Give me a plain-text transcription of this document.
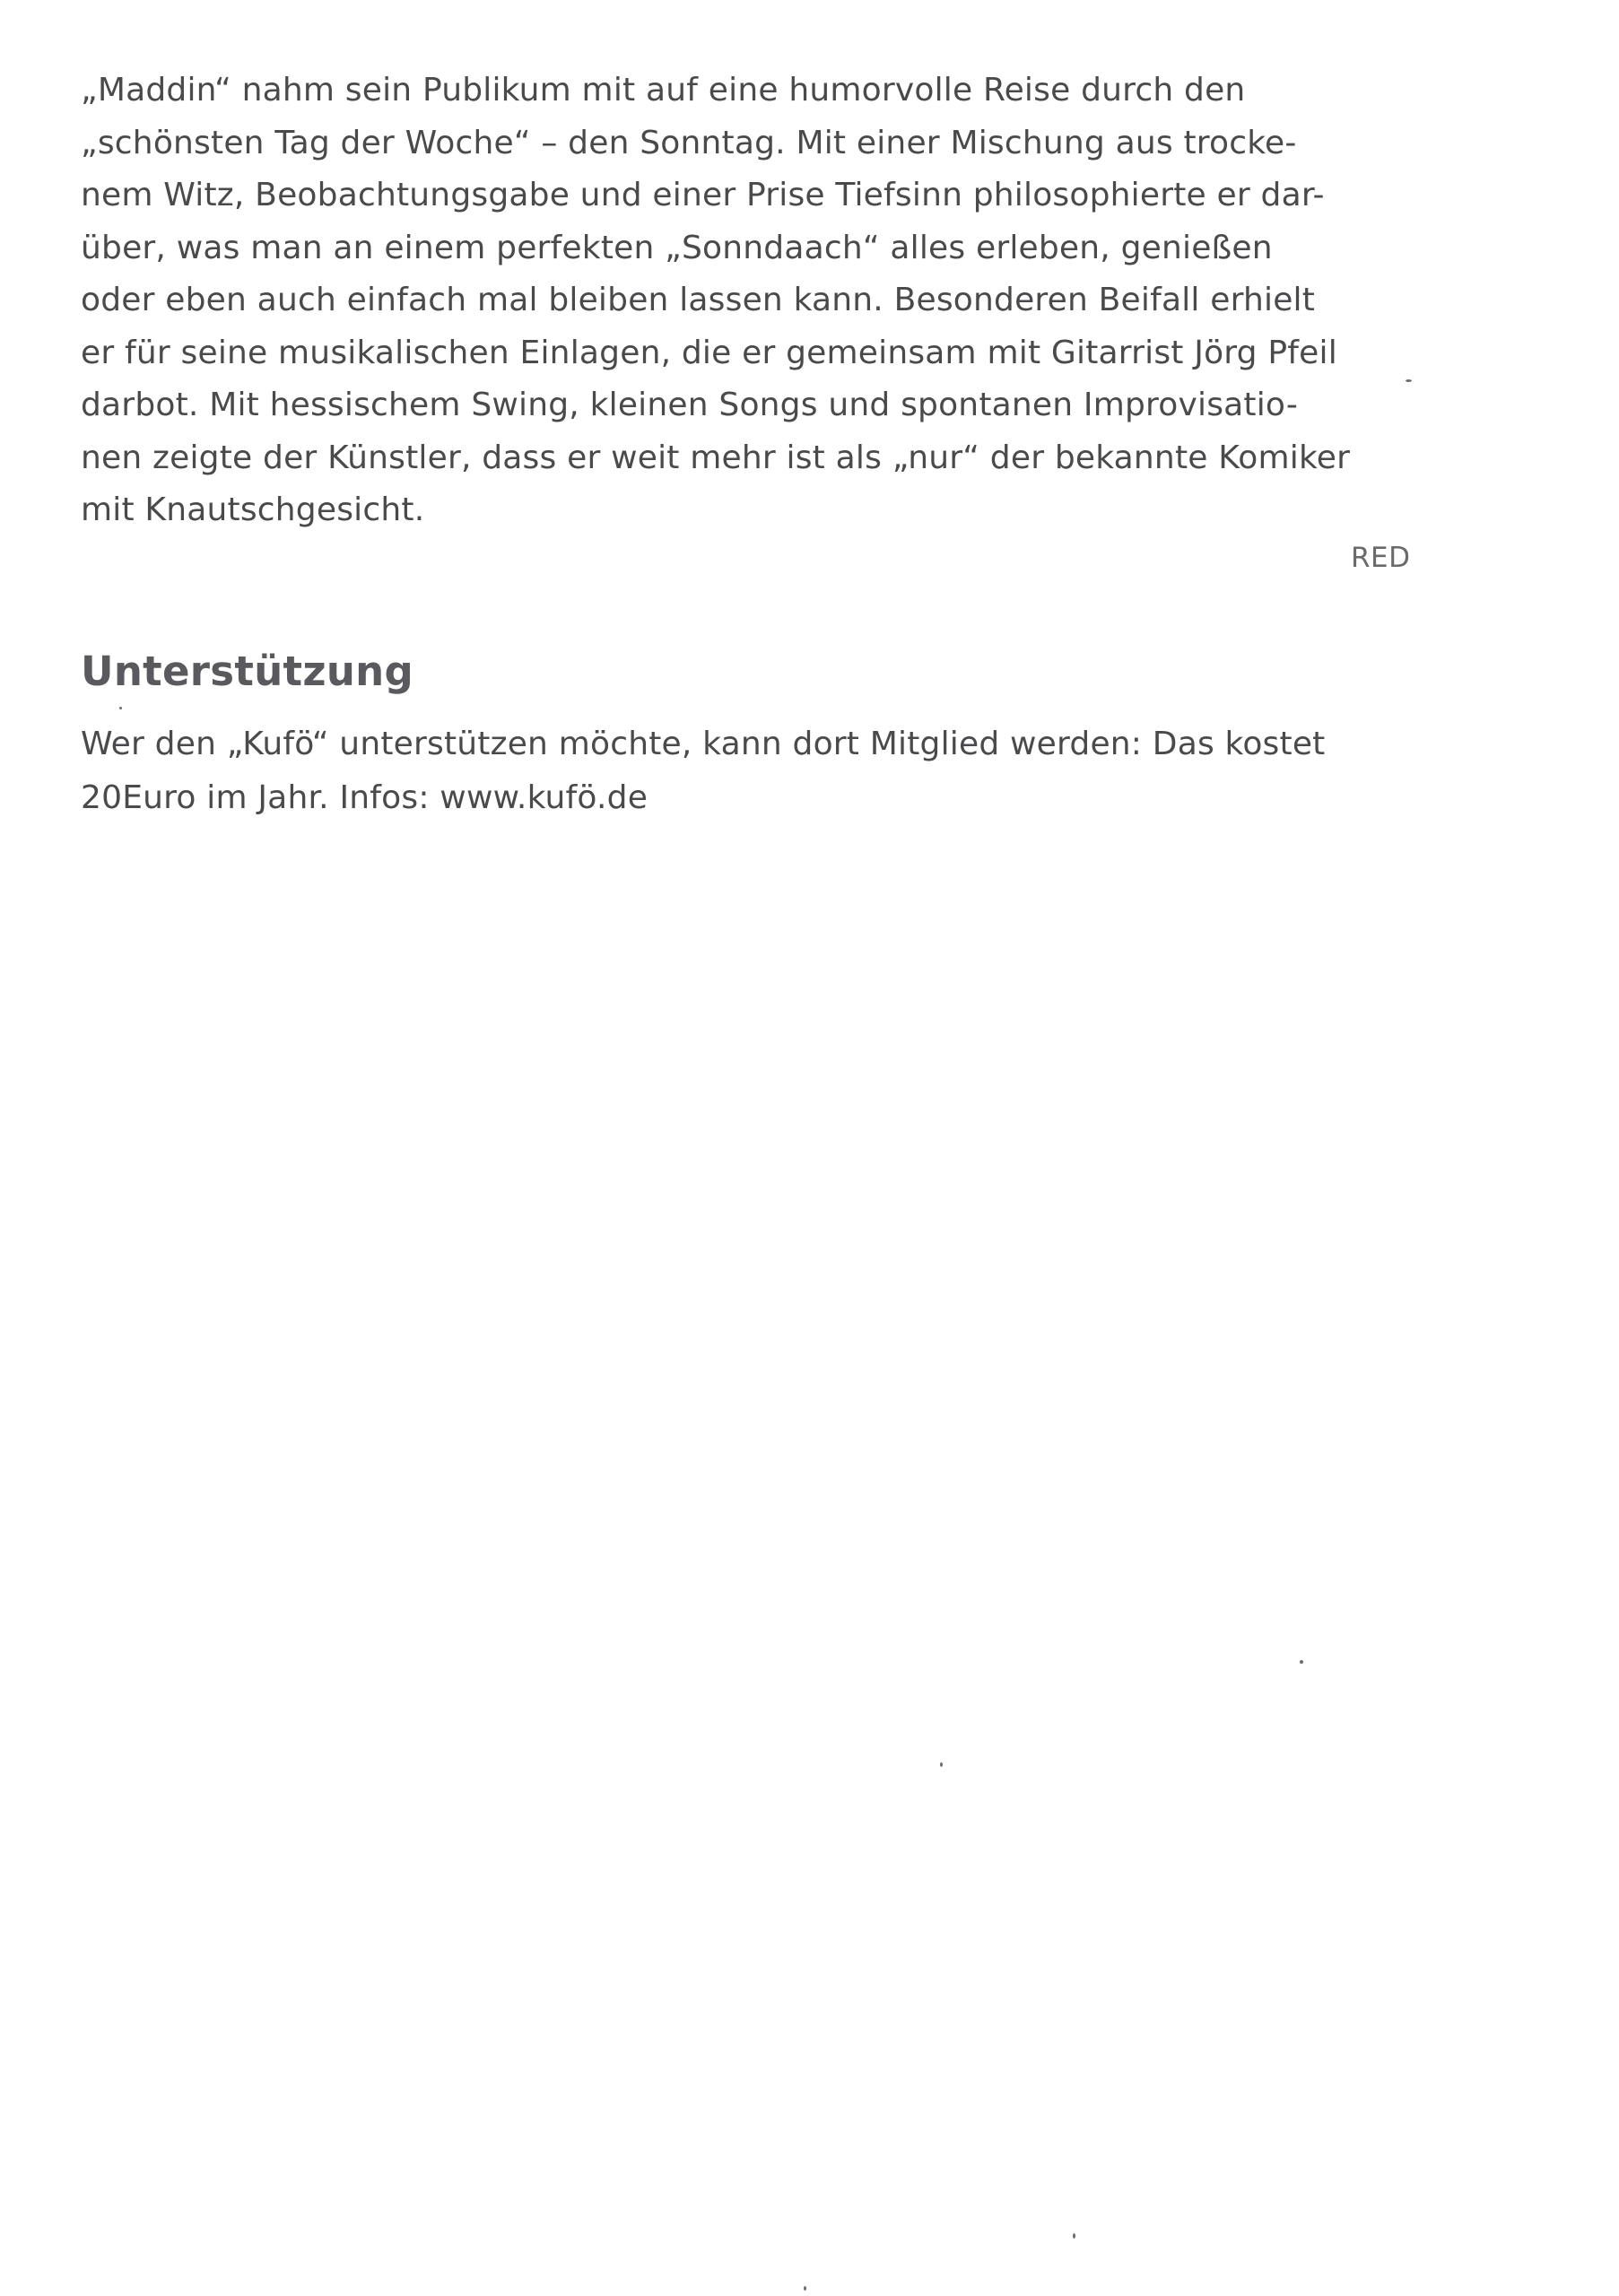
„Maddin“ nahm sein Publikum mit auf eine humorvolle Reise durch den
„schönsten Tag der Woche“ – den Sonntag. Mit einer Mischung aus trocke-
nem Witz, Beobachtungsgabe und einer Prise Tiefsinn philosophierte er dar-
über, was man an einem perfekten „Sonndaach“ alles erleben, genießen
oder eben auch einfach mal bleiben lassen kann. Besonderen Beifall erhielt
er für seine musikalischen Einlagen, die er gemeinsam mit Gitarrist Jörg Pfeil
darbot. Mit hessischem Swing, kleinen Songs und spontanen Improvisatio-
nen zeigte der Künstler, dass er weit mehr ist als „nur“ der bekannte Komiker
mit Knautschgesicht.
RED
Unterstützung
Wer den „Kufö“ unterstützen möchte, kann dort Mitglied werden: Das kostet
20Euro im Jahr. Infos: www.kufö.de
